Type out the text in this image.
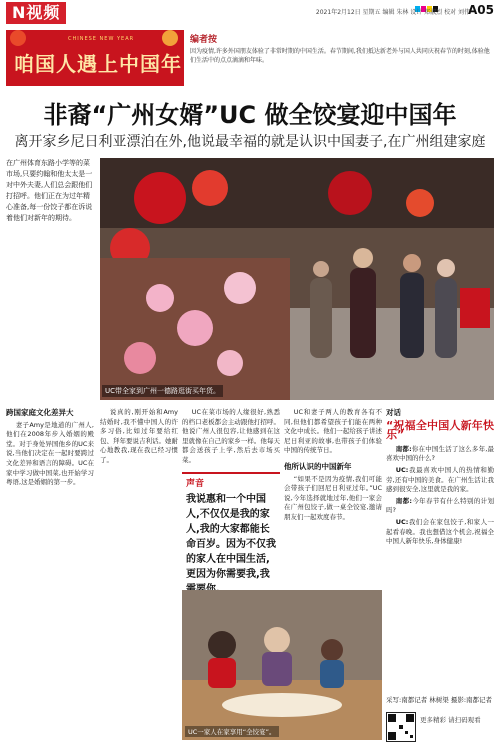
N视频	2021年2月12日 星期五 编辑 朱林 设计 郑淑烈 校对 刘伟
A05
CHINESE NEW YEAR
咱国人遇上中国年
编者按
因为疫情,许多外国朋友体验了非常时期的中国生活。春节期间,我们抵达新老外与国人共同庆祝春节的时刻,体验他们生活中的点点滴滴和年味。
非裔“广州女婿”UC 做全饺宴迎中国年
离开家乡尼日利亚漂泊在外,他说最幸福的就是认识中国妻子,在广州组建家庭
在广州体育东路小学等的菜市场,只要约翰和他太太是一对中外夫妻,人们总会跟他们打招呼。他们正在为过年精心准备,每一份饺子都在诉说着他们对新年的期待。
UC带全家到广州一德路逛街买年货。

跨国家庭文化差异大

妻子Amy是地道的广州人,他们在2008年步入婚姻的殿堂。对于身处异国他乡的UC来说,当他们决定在一起时要跨过文化差异和语言的障碍。UC在家中学习做中国菜,也开始学习粤语,这是婚姻的第一步。

说真的,刚开始和Amy结婚时,我不懂中国人的许多习俗,比如过年要给红包、拜年要说吉利话。她耐心地教我,现在我已经习惯了。

UC在菜市场的人缘很好,熟悉的档口老板都会主动跟他打招呼。他说广州人很包容,让他感到在这里就像在自己的家乡一样。他每天都会送孩子上学,然后去市场买菜。

声音
我说惠和一个中国人,不仅仅是我的家人,我的大家都能长命百岁。因为不仅我的家人在中国生活,更因为你需要我,我

UC和妻子两人的教育各有不同,但他们都希望孩子们能在两种文化中成长。他们一起给孩子讲述尼日利亚的故事,也带孩子们体验中国的传统节日。

他所认识的中国新年

“如果不是因为疫情,我们可能会带孩子们回尼日利亚过年。”UC说,今年选择就地过年,他们一家会在广州包饺子,做一桌全饺宴,邀请朋友们一起欢度春节。

UC一家人在家享用“全饺宴”。

对话

“祝福全中国人新年快乐”

南都:你在中国生活了这么多年,最喜欢中国的什么?

UC:我最喜欢中国人的热情和勤劳,还有中国的美食。在广州生活让我感到很安全,这里就是我的家。

南都:今年春节有什么特别的计划吗?

UC:我们会在家包饺子,和家人一起看春晚。我也想借这个机会,祝福全中国人新年快乐,身体健康!

采写:南都记者 林树渠 摄影:南都记者
更多精彩 请扫码观看
